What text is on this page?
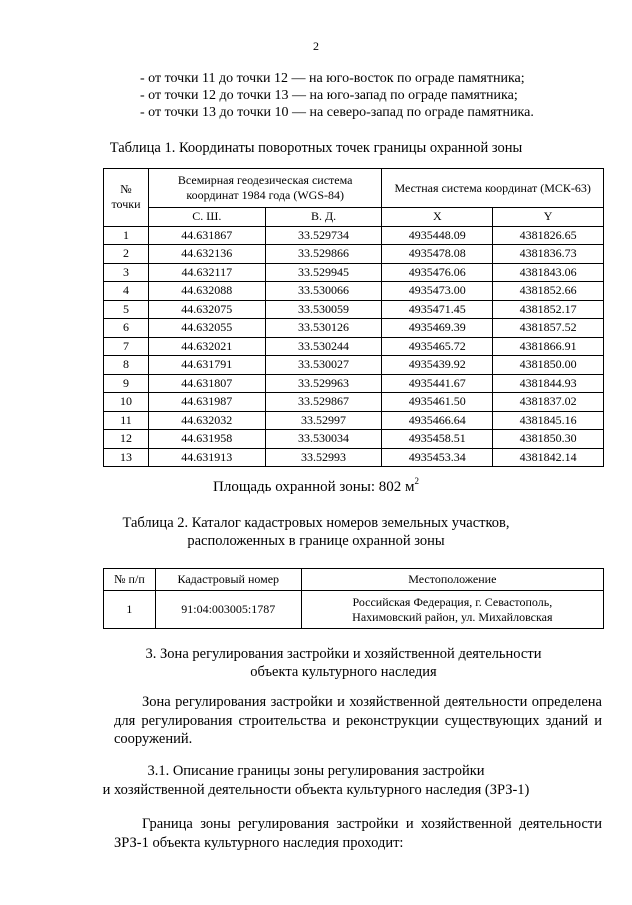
2
- от точки 11 до точки 12 — на юго-восток по ограде памятника;
- от точки 12 до точки 13 — на юго-запад по ограде памятника;
- от точки 13 до точки 10 — на северо-запад по ограде памятника.
Таблица 1. Координаты поворотных точек границы охранной зоны
№
точки	Всемирная геодезическая система
координат 1984 года (WGS-84)		Местная система координат (МСК-63)	
	С. Ш.	В. Д.	X	Y
1	44.631867	33.529734	4935448.09	4381826.65
2	44.632136	33.529866	4935478.08	4381836.73
3	44.632117	33.529945	4935476.06	4381843.06
4	44.632088	33.530066	4935473.00	4381852.66
5	44.632075	33.530059	4935471.45	4381852.17
6	44.632055	33.530126	4935469.39	4381857.52
7	44.632021	33.530244	4935465.72	4381866.91
8	44.631791	33.530027	4935439.92	4381850.00
9	44.631807	33.529963	4935441.67	4381844.93
10	44.631987	33.529867	4935461.50	4381837.02
11	44.632032	33.52997	4935466.64	4381845.16
12	44.631958	33.530034	4935458.51	4381850.30
13	44.631913	33.52993	4935453.34	4381842.14
Площадь охранной зоны: 802 $м^2$
Таблица 2. Каталог кадастровых номеров земельных участков,
расположенных в границе охранной зоны
№ п/п	Кадастровый номер	Местоположение
1	91:04:003005:1787	Российская Федерация, г. Севастополь,
Нахимовский район, ул. Михайловская
3. Зона регулирования застройки и хозяйственной деятельности
объекта культурного наследия
Зона регулирования застройки и хозяйственной деятельности определена для регулирования строительства и реконструкции существующих зданий и сооружений.
3.1. Описание границы зоны регулирования застройки
и хозяйственной деятельности объекта культурного наследия (ЗРЗ-1)
Граница зоны регулирования застройки и хозяйственной деятельности ЗРЗ-1 объекта культурного наследия проходит:
